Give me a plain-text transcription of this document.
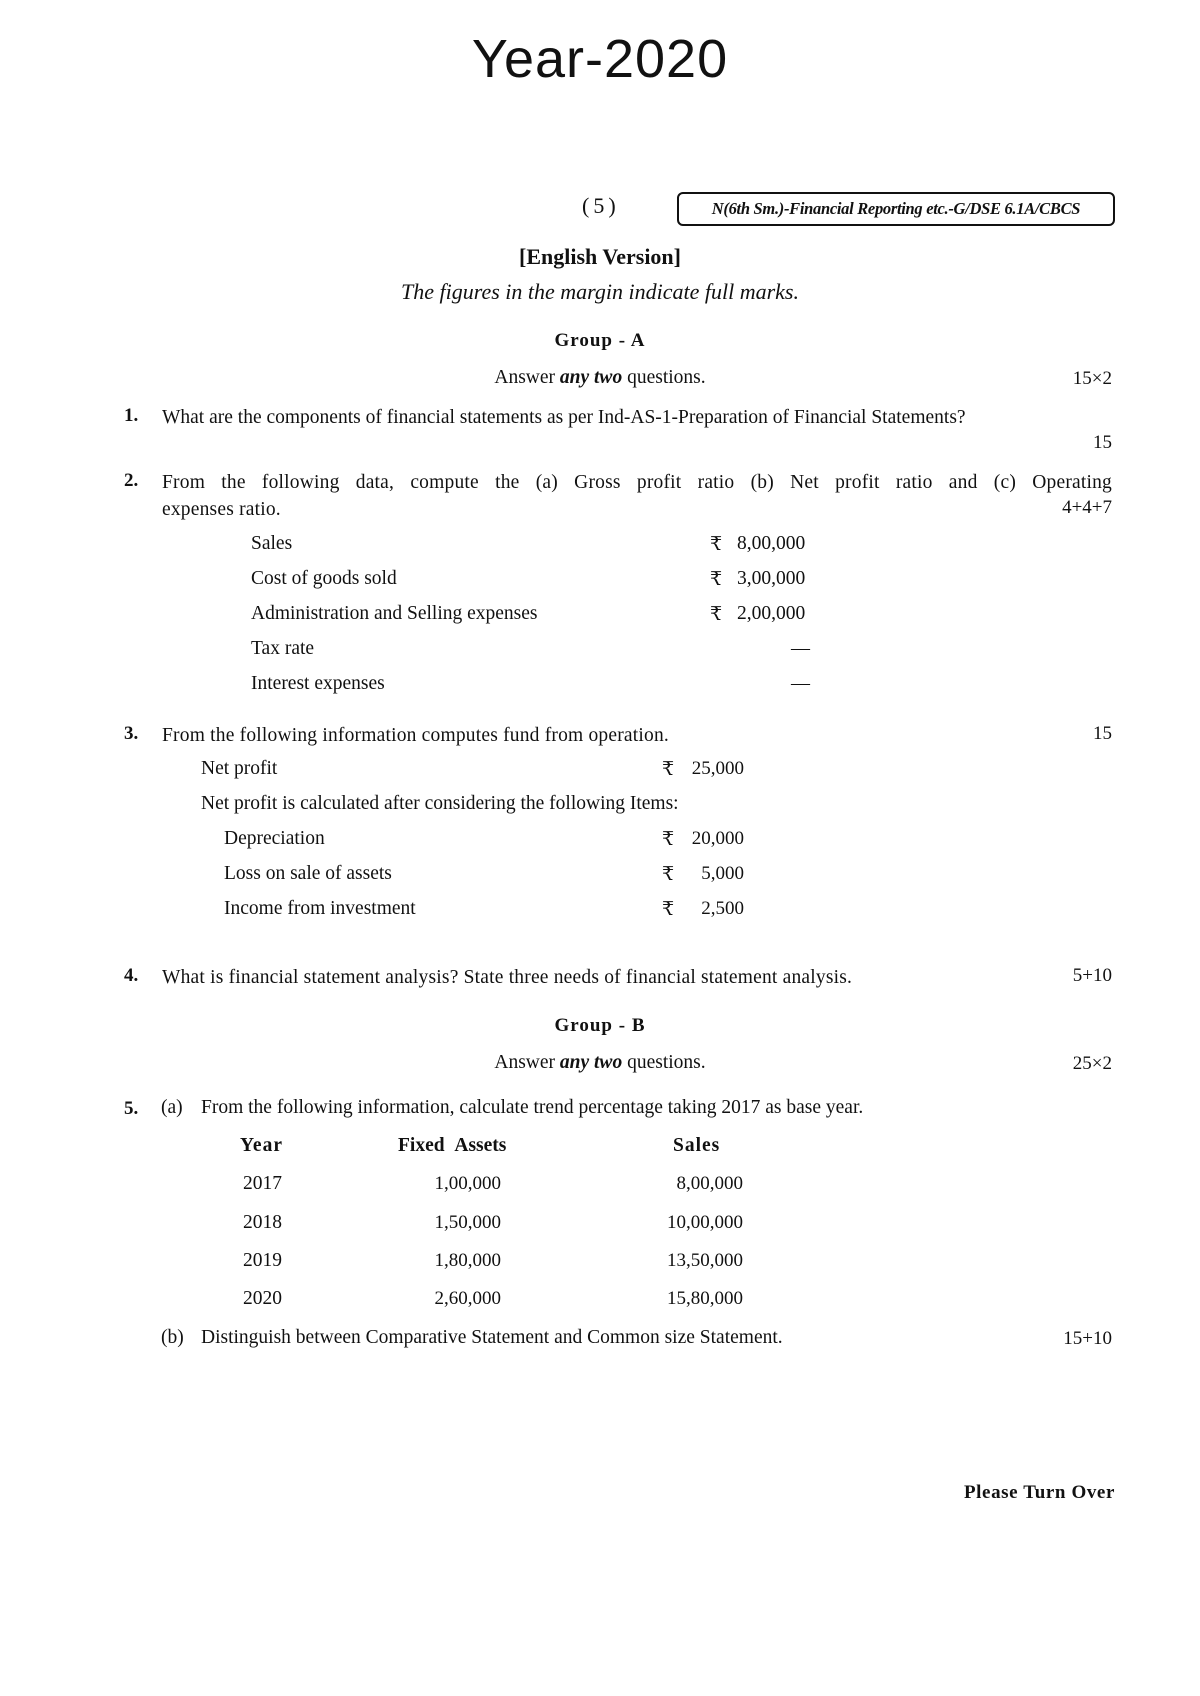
Year-2020
(5)	N(6th Sm.)-Financial Reporting etc.-G/DSE 6.1A/CBCS
[English Version]
The figures in the margin indicate full marks.
Group - A
Answer any two questions.	15×2
1. What are the components of financial statements as per Ind-AS-1-Preparation of Financial Statements?
15
2. From the following data, compute the (a) Gross profit ratio (b) Net profit ratio and (c) Operating
expenses ratio.	4+4+7
Sales	₹ 8,00,000
Cost of goods sold	₹ 3,00,000
Administration and Selling expenses	₹ 2,00,000
Tax rate	—
Interest expenses	—
3. From the following information computes fund from operation.	15
Net profit	₹ 25,000
Net profit is calculated after considering the following Items:
Depreciation	₹ 20,000
Loss on sale of assets	₹	5,000
Income from investment	₹	2,500
4. What is financial statement analysis? State three needs of financial statement analysis.	5+10
Group - B
Answer any two questions.	25×2
5. (a) From the following information, calculate trend percentage taking 2017 as base year.
Year	Fixed Assets	Sales
2017	1,00,000	8,00,000
2018	1,50,000	10,00,000
2019	1,80,000	13,50,000
2020	2,60,000	15,80,000
(b) Distinguish between Comparative Statement and Common size Statement.	15+10
Please Turn Over
